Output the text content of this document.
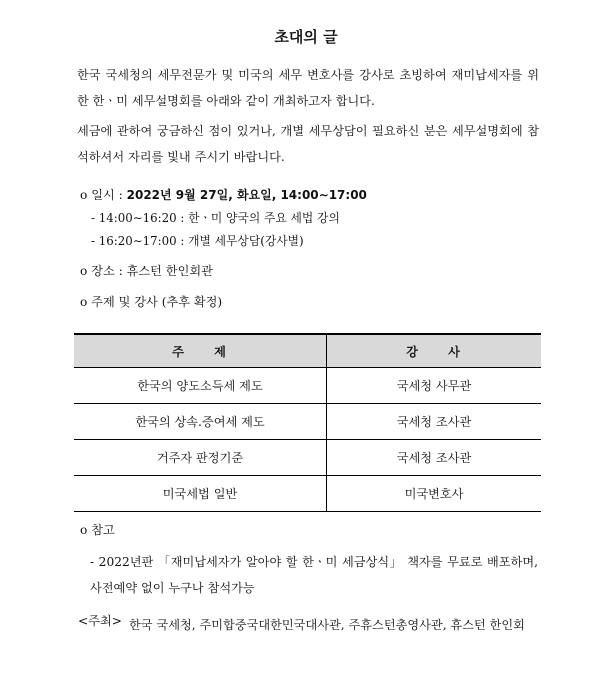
초대의 글
한국 국세청의 세무전문가 및 미국의 세무 변호사를 강사로 초빙하여 재미납세자를 위한 한ㆍ미 세무설명회를 아래와 같이 개최하고자 합니다.
세금에 관하여 궁금하신 점이 있거나, 개별 세무상담이 필요하신 분은 세무설명회에 참석하셔서 자리를 빛내 주시기 바랍니다.
o 일시 : 2022년 9월 27일, 화요일, 14:00∼17:00
- 14:00∼16:20 : 한ㆍ미 양국의 주요 세법 강의
- 16:20∼17:00 : 개별 세무상담(강사별)
o 장소 : 휴스턴 한인회관
o 주제 및 강사 (추후 확정)
주 제	강 사
한국의 양도소득세 제도	국세청 사무관
한국의 상속.증여세 제도	국세청 조사관
거주자 판정기준	국세청 조사관
미국세법 일반	미국변호사
o 참고
- 2022년판 「재미납세자가 알아야 할 한ㆍ미 세금상식」 책자를 무료로 배포하며, 사전예약 없이 누구나 참석가능
<주최> 한국 국세청, 주미합중국대한민국대사관, 주휴스턴총영사관, 휴스턴 한인회
